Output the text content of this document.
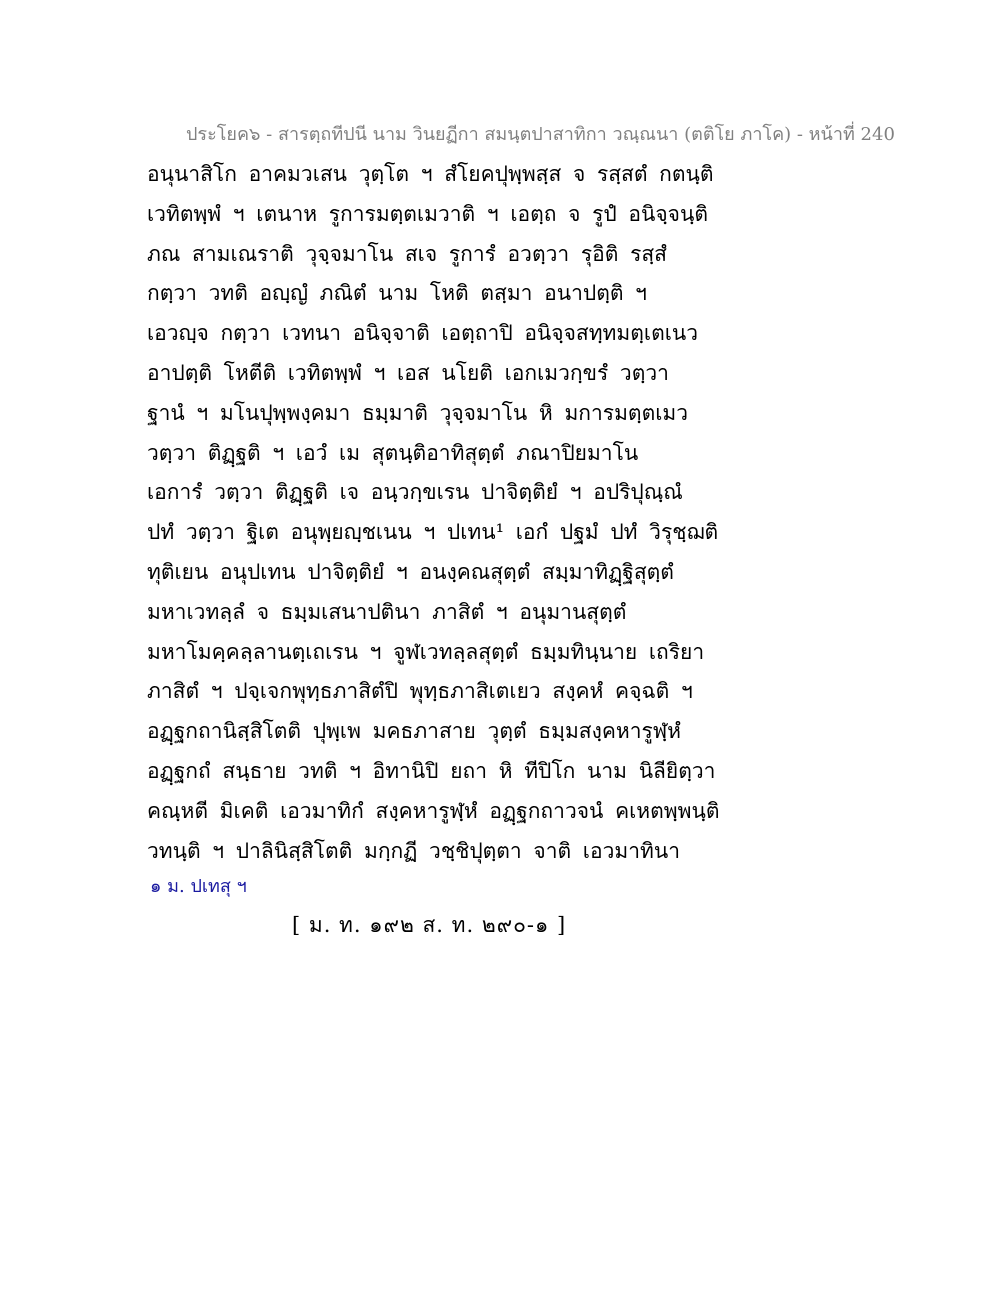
ประโยค๖ - สารตฺถทีปนี นาม วินยฏีกา สมนฺตปาสาทิกา วณฺณนา (ตติโย ภาโค) - หน้าที่ 240
อนุนาสิโก อาคมวเสน วุตฺโต ฯ สํโยคปุพฺพสฺส จ รสฺสตํ กตนฺติ
เวทิตพฺพํ ฯ เตนาห รูการมตฺตเมวาติ ฯ เอตฺถ จ รูปํ อนิจฺจนฺติ
ภณ สามเณราติ วุจฺจมาโน สเจ รูการํ อวตฺวา รุอิติ รสฺสํ
กตฺวา วทติ อญฺญํ ภณิตํ นาม โหติ ตสฺมา อนาปตฺติ ฯ
เอวญฺจ กตฺวา เวทนา อนิจฺจาติ เอตฺถาปิ อนิจฺจสทฺทมตฺเตเนว
อาปตฺติ โหตีติ เวทิตพฺพํ ฯ เอส นโยติ เอกเมวกฺขรํ วตฺวา
ฐานํ ฯ มโนปุพฺพงฺคมา ธมฺมาติ วุจฺจมาโน หิ มการมตฺตเมว
วตฺวา ติฏฺฐติ ฯ เอวํ เม สุตนฺติอาทิสุตฺตํ ภณาปิยมาโน
เอการํ วตฺวา ติฏฺฐติ เจ อนฺวกฺขเรน ปาจิตฺติยํ ฯ อปริปุณฺณํ
ปทํ วตฺวา ฐิเต อนุพฺยญฺชเนน ฯ ปเทน¹ เอกํ ปฐมํ ปทํ วิรุชฺฌติ
ทุติเยน อนุปเทน ปาจิตฺติยํ ฯ อนงฺคณสุตฺตํ สมฺมาทิฏฺฐิสุตฺตํ
มหาเวทลฺลํ จ ธมฺมเสนาปตินา ภาสิตํ ฯ อนุมานสุตฺตํ
มหาโมคฺคลฺลานตฺเถเรน ฯ จูฬเวทลฺลสุตฺตํ ธมฺมทินฺนาย เถริยา
ภาสิตํ ฯ ปจฺเจกพุทฺธภาสิตํปิ พุทฺธภาสิเตเยว สงฺคหํ คจฺฉติ ฯ
อฏฺฐกถานิสฺสิโตติ ปุพฺเพ มคธภาสาย วุตฺตํ ธมฺมสงฺคหารูฬฺหํ
อฏฺฐกถํ สนฺธาย วทติ ฯ อิทานิปิ ยถา หิ ทีปิโก นาม นิลียิตฺวา
คณฺหตี มิเคติ เอวมาทิกํ สงฺคหารูฬฺหํ อฏฺฐกถาวจนํ คเหตพฺพนฺติ
วทนฺติ ฯ ปาลินิสฺสิโตติ มกฺกฏี วชฺชิปุตฺตา จาติ เอวมาทินา
๑ ม. ปเทสุ ฯ
[ ม. ท. ๑๙๒ ส. ท. ๒๙๐-๑ ]
